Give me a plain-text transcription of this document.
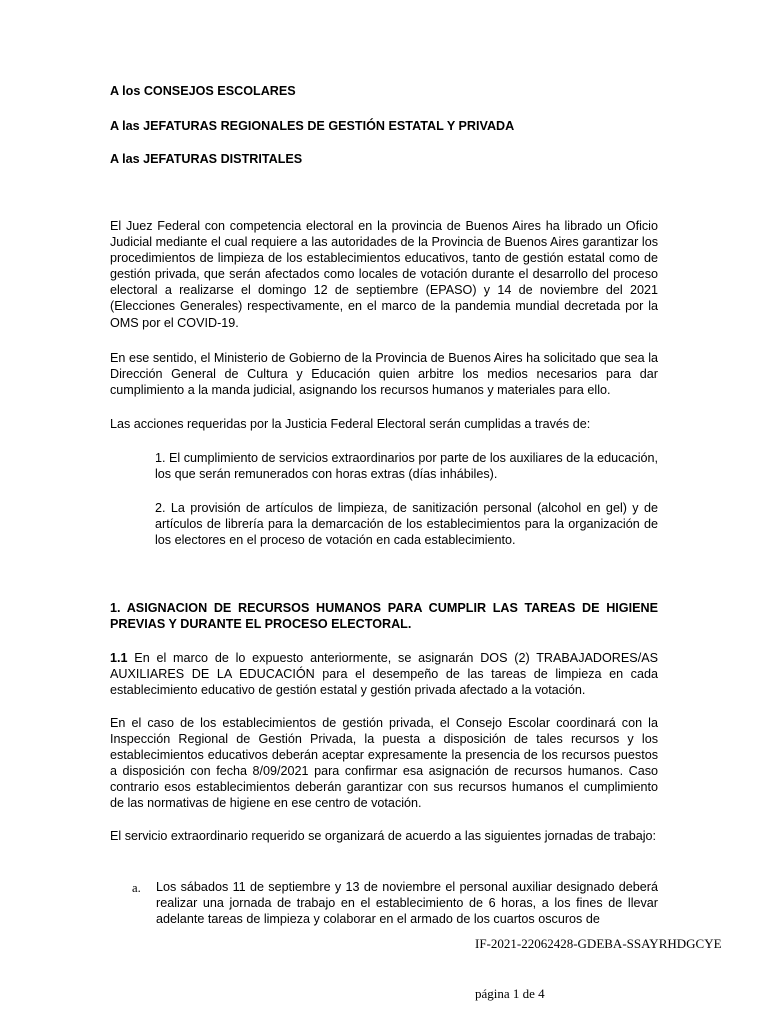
A los CONSEJOS ESCOLARES

A las JEFATURAS REGIONALES DE GESTIÓN ESTATAL Y PRIVADA

A las JEFATURAS DISTRITALES

El Juez Federal con competencia electoral en la provincia de Buenos Aires ha librado un Oficio Judicial mediante el cual requiere a las autoridades de la Provincia de Buenos Aires garantizar los procedimientos de limpieza de los establecimientos educativos, tanto de gestión estatal como de gestión privada, que serán afectados como locales de votación durante el desarrollo del proceso electoral a realizarse el domingo 12 de septiembre (EPASO) y 14 de noviembre del 2021 (Elecciones Generales) respectivamente, en el marco de la pandemia mundial decretada por la OMS por el COVID-19.

En ese sentido, el Ministerio de Gobierno de la Provincia de Buenos Aires ha solicitado que sea la Dirección General de Cultura y Educación quien arbitre los medios necesarios para dar cumplimiento a la manda judicial, asignando los recursos humanos y materiales para ello.

Las acciones requeridas por la Justicia Federal Electoral serán cumplidas a través de:

1. El cumplimiento de servicios extraordinarios por parte de los auxiliares de la educación, los que serán remunerados con horas extras (días inhábiles).

2. La provisión de artículos de limpieza, de sanitización personal (alcohol en gel) y de artículos de librería para la demarcación de los establecimientos para la organización de los electores en el proceso de votación en cada establecimiento.

1. ASIGNACION DE RECURSOS HUMANOS PARA CUMPLIR LAS TAREAS DE HIGIENE PREVIAS Y DURANTE EL PROCESO ELECTORAL.

1.1 En el marco de lo expuesto anteriormente, se asignarán DOS (2) TRABAJADORES/AS AUXILIARES DE LA EDUCACIÓN para el desempeño de las tareas de limpieza en cada establecimiento educativo de gestión estatal y gestión privada afectado a la votación.

En el caso de los establecimientos de gestión privada, el Consejo Escolar coordinará con la Inspección Regional de Gestión Privada, la puesta a disposición de tales recursos y los establecimientos educativos deberán aceptar expresamente la presencia de los recursos puestos a disposición con fecha 8/09/2021 para confirmar esa asignación de recursos humanos. Caso contrario esos establecimientos deberán garantizar con sus recursos humanos el cumplimiento de las normativas de higiene en ese centro de votación.

El servicio extraordinario requerido se organizará de acuerdo a las siguientes jornadas de trabajo:

a. Los sábados 11 de septiembre y 13 de noviembre el personal auxiliar designado deberá realizar una jornada de trabajo en el establecimiento de 6 horas, a los fines de llevar adelante tareas de limpieza y colaborar en el armado de los cuartos oscuros de

IF-2021-22062428-GDEBA-SSAYRHDGCYE
página 1 de 4
